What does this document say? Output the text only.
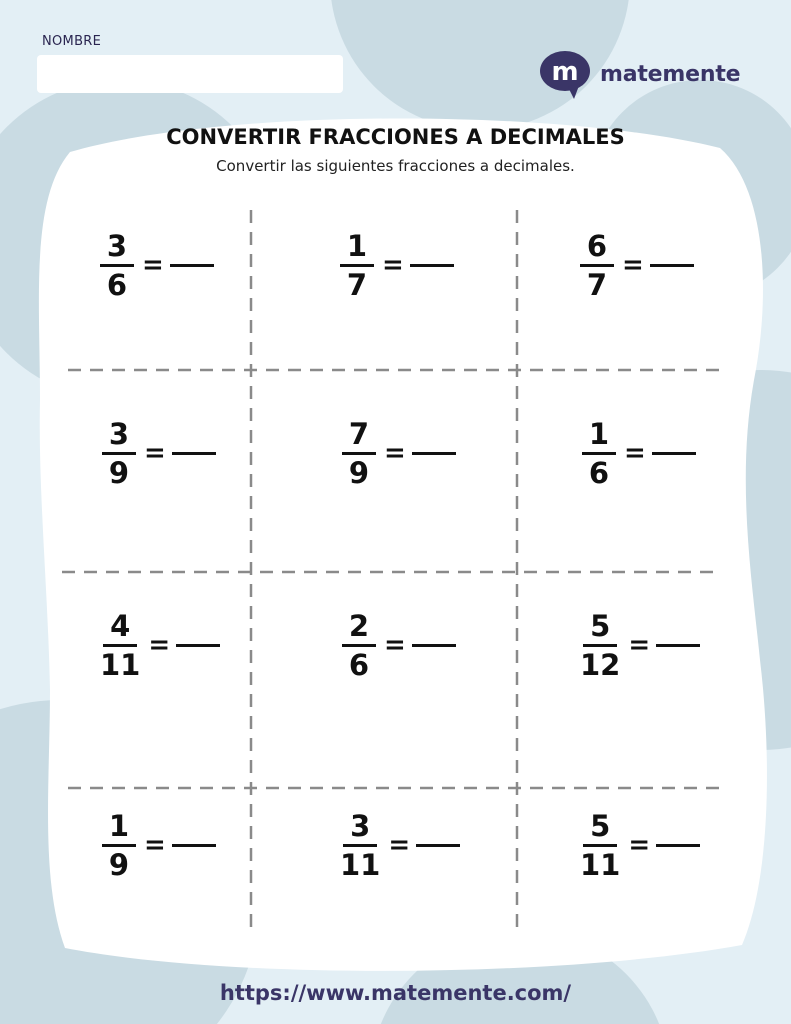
NOMBRE
m matemente
CONVERTIR FRACCIONES A DECIMALES
Convertir las siguientes fracciones a decimales.
$\frac{3}{6}$ =	$\frac{1}{7}$ =	$\frac{6}{7}$ =
$\frac{3}{9}$ =	$\frac{7}{9}$ =	$\frac{1}{6}$ =
$\frac{4}{11}$ =	$\frac{2}{6}$ =	$\frac{5}{12}$ =
$\frac{1}{9}$ =	$\frac{3}{11}$ =	$\frac{5}{11}$ =
https://www.matemente.com/
